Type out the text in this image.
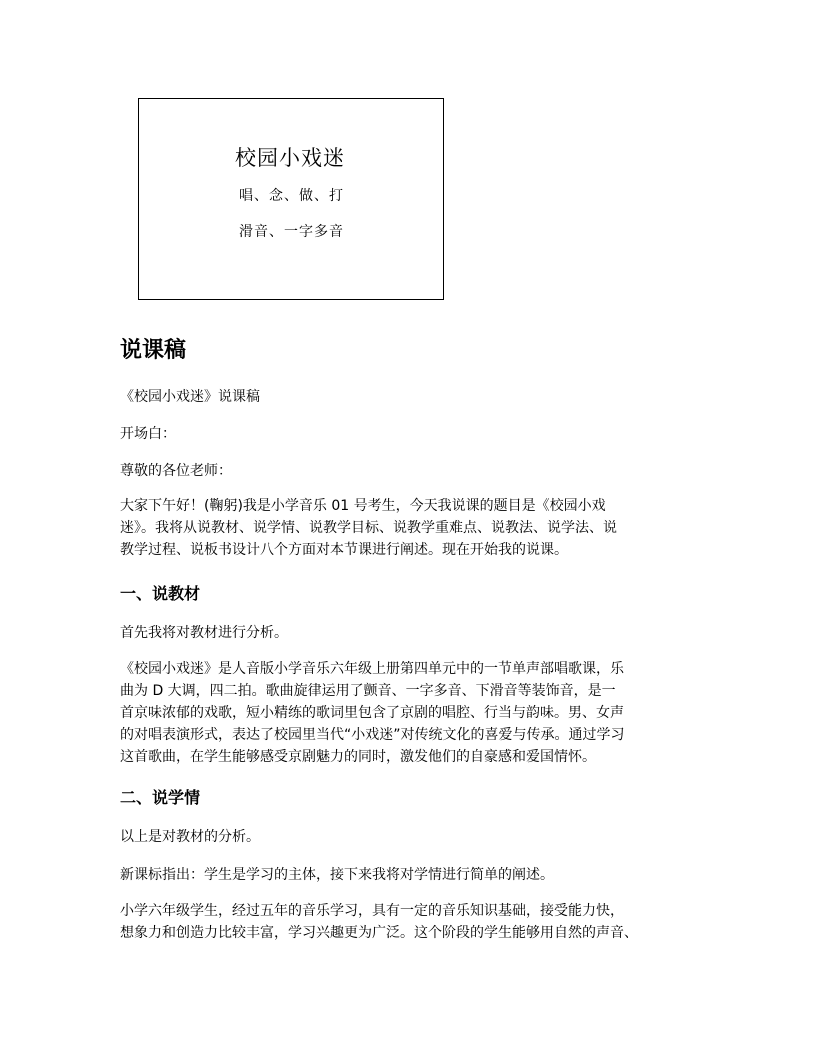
校园小戏迷
唱、念、做、打
滑音、一字多音
说课稿

《校园小戏迷》说课稿

开场白：

尊敬的各位老师：

大家下午好！(鞠躬)我是小学音乐 01 号考生，今天我说课的题目是《校园小戏
迷》。我将从说教材、说学情、说教学目标、说教学重难点、说教法、说学法、说
教学过程、说板书设计八个方面对本节课进行阐述。现在开始我的说课。

一、说教材

首先我将对教材进行分析。

《校园小戏迷》是人音版小学音乐六年级上册第四单元中的一节单声部唱歌课，乐
曲为 D 大调，四二拍。歌曲旋律运用了颤音、一字多音、下滑音等装饰音，是一
首京味浓郁的戏歌，短小精练的歌词里包含了京剧的唱腔、行当与韵味。男、女声
的对唱表演形式，表达了校园里当代“小戏迷”对传统文化的喜爱与传承。通过学习
这首歌曲，在学生能够感受京剧魅力的同时，激发他们的自豪感和爱国情怀。

二、说学情

以上是对教材的分析。

新课标指出：学生是学习的主体，接下来我将对学情进行简单的阐述。

小学六年级学生，经过五年的音乐学习，具有一定的音乐知识基础，接受能力快，
想象力和创造力比较丰富，学习兴趣更为广泛。这个阶段的学生能够用自然的声音、
